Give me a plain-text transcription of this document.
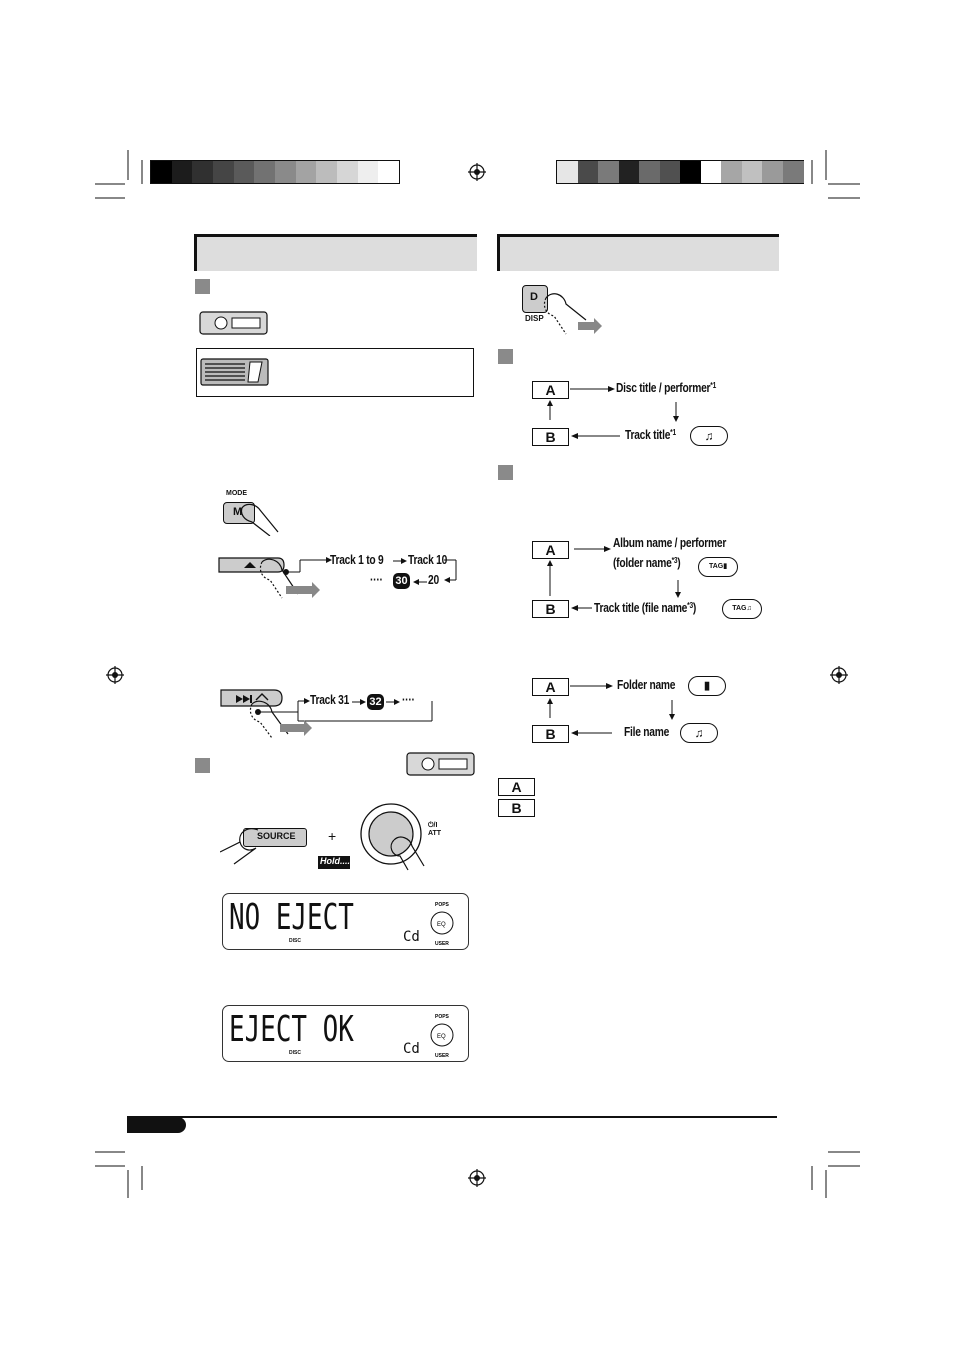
MODE
M
Track 1 to 9 Track 10
···· 30 20
Track 31 32 ····
SOURCE +
Hold....
⏻/I
ATT
NO EJECT	Cd
DISC
EQ
POPS
USER
EJECT OK	Cd
DISC
EQ
POPS
USER
D
DISP
A
B
Disc title / performer$^{*1}$
Track title$^{*1}$	♫
A
B
Album name / performer
(folder name$^{*3}$)	TAG▮
Track title (file name$^{*3}$)	TAG♫
A
B
Folder name	▮
File name	♫
A
B
